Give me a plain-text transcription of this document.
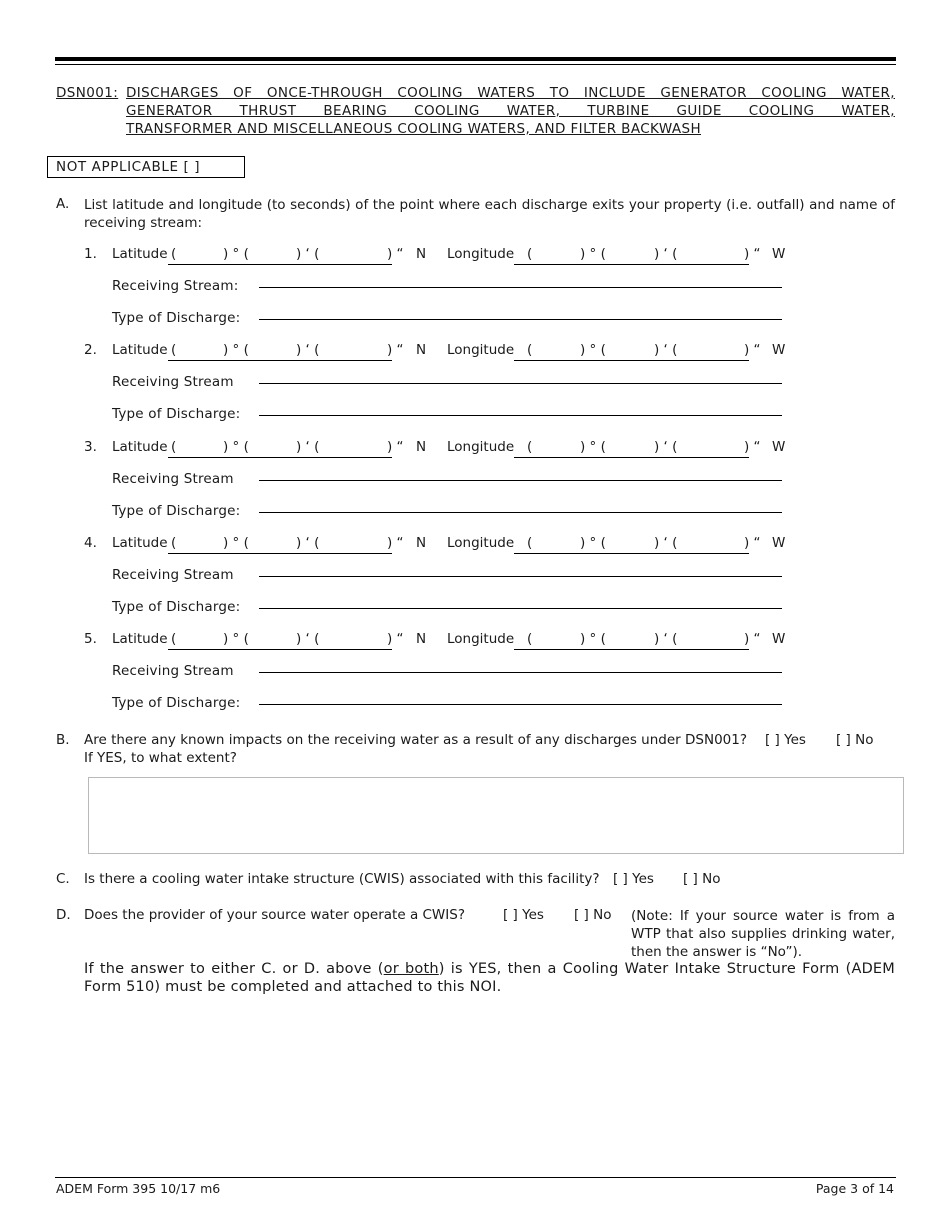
DSN001: DISCHARGES OF ONCE-THROUGH COOLING WATERS TO INCLUDE GENERATOR COOLING WATER,
GENERATOR THRUST BEARING COOLING WATER, TURBINE GUIDE COOLING WATER,
TRANSFORMER AND MISCELLANEOUS COOLING WATERS, AND FILTER BACKWASH
NOT APPLICABLE [ ]
A. List latitude and longitude (to seconds) of the point where each discharge exits your property (i.e. outfall) and name of receiving stream:
1. Latitude (	) ° (	) ‘ (	) “ N Longitude (	) ° (	) ‘ (	) “ W
Receiving Stream:
Type of Discharge:
2. Latitude (	) ° (	) ‘ (	) “ N Longitude (	) ° (	) ‘ (	) “ W
Receiving Stream
Type of Discharge:
3. Latitude (	) ° (	) ‘ (	) “ N Longitude (	) ° (	) ‘ (	) “ W
Receiving Stream
Type of Discharge:
4. Latitude (	) ° (	) ‘ (	) “ N Longitude (	) ° (	) ‘ (	) “ W
Receiving Stream
Type of Discharge:
5. Latitude (	) ° (	) ‘ (	) “ N Longitude (	) ° (	) ‘ (	) “ W
Receiving Stream
Type of Discharge:
B. Are there any known impacts on the receiving water as a result of any discharges under DSN001? [ ] Yes [ ] No
If YES, to what extent?
C. Is there a cooling water intake structure (CWIS) associated with this facility? [ ] Yes [ ] No
D. Does the provider of your source water operate a CWIS?	[ ] Yes [ ] No (Note: If your source water is from a WTP that also supplies drinking water, then the answer is “No”).
If the answer to either C. or D. above (or both) is YES, then a Cooling Water Intake Structure Form (ADEM Form 510) must be completed and attached to this NOI.
ADEM Form 395 10/17 m6	Page 3 of 14
